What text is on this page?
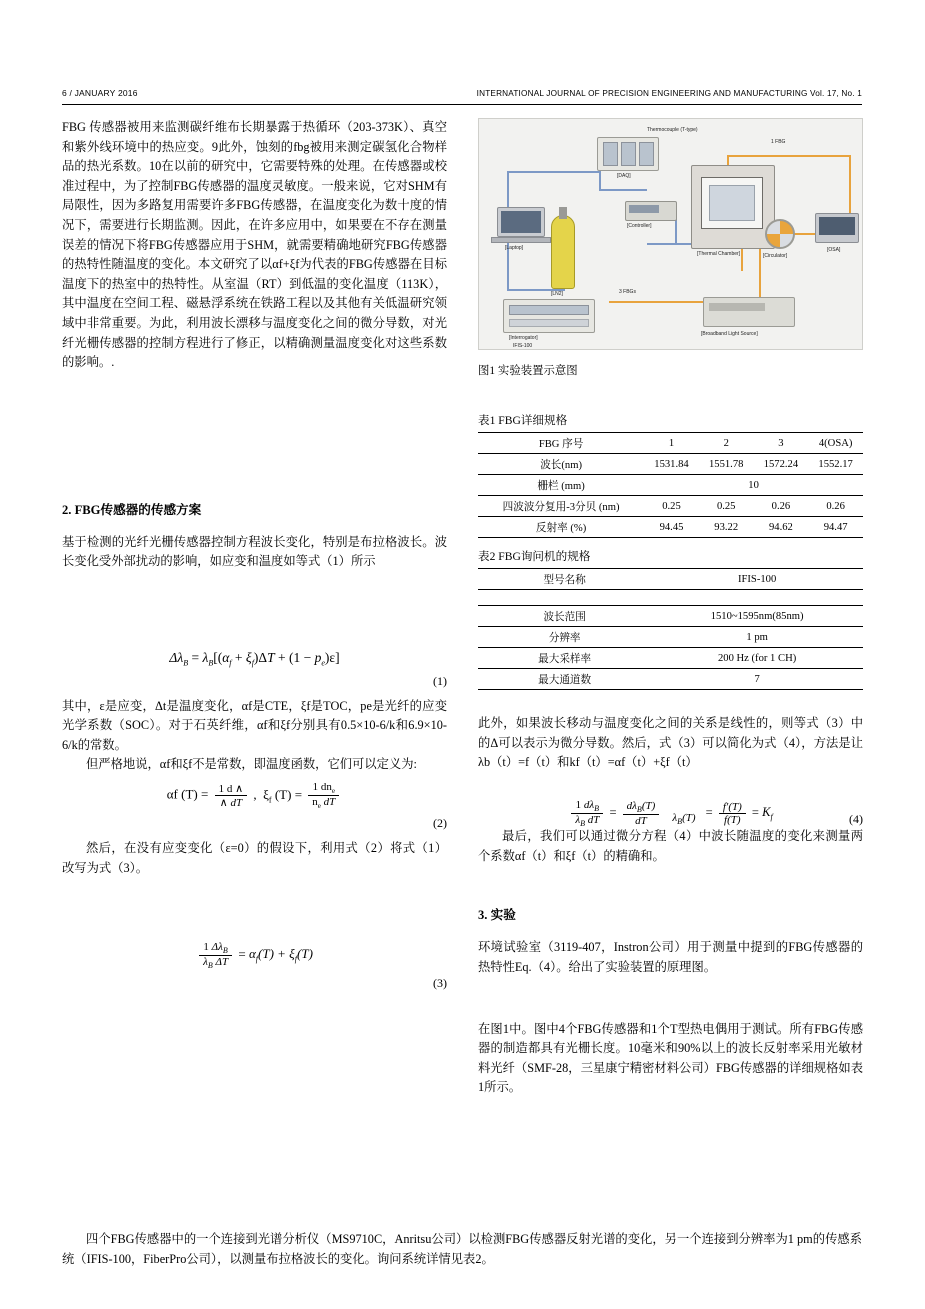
6 / JANUARY 2016	INTERNATIONAL JOURNAL OF PRECISION ENGINEERING AND MANUFACTURING Vol. 17, No. 1

FBG 传感器被用来监测碳纤维布长期暴露于热循环（203-373K）、真空和紫外线环境中的热应变。9此外，蚀刻的fbg被用来测定碳氢化合物样品的热光系数。10在以前的研究中，它需要特殊的处理。在传感器或校准过程中，为了控制FBG传感器的温度灵敏度。一般来说，它对SHM有局限性，因为多路复用需要许多FBG传感器，在温度变化为数十度的情况下，需要进行长期监测。因此，在许多应用中，如果要在不存在测量误差的情况下将FBG传感器应用于SHM，就需要精确地研究FBG传感器的热特性随温度的变化。本文研究了以αf+ξf为代表的FBG传感器在目标温度下的热室中的热特性。从室温（RT）到低温的变化温度（113K），其中温度在空间工程、磁悬浮系统在铁路工程以及其他有关低温研究领域中非常重要。为此，利用波长漂移与温度变化之间的微分导数，对光纤光栅传感器的控制方程进行了修正，以精确测量温度变化对这些系数的影响。.

2. FBG传感器的传感方案

基于检测的光纤光栅传感器控制方程波长变化，特别是布拉格波长。波长变化受外部扰动的影响，如应变和温度如等式（1）所示

$\Delta\lambda_B = \lambda_B[(\alpha_f + \xi_f)\Delta T + (1 - p_e)\varepsilon]$
(1)

其中，ε是应变，Δt是温度变化，αf是CTE，ξf是TOC，pe是光纤的应变光学系数（SOC）。对于石英纤维，αf和ξf分别具有0.5×10-6/k和6.9×10-6/k的常数。

但严格地说，αf和ξf不是常数，即温度函数，它们可以定义为:

αf $(T) = \frac{1 d \wedge}{\wedge dT}$ ,  $\xi_f$ $(T) = \frac{1 dn_e}{n_e dT}$
(2)

然后，在没有应变变化（ε=0）的假设下，利用式（2）将式（1）改写为式（3）。

$\frac{1 \Delta\lambda_B}{\lambda_B \Delta T} = \alpha_f(T) + \xi_f(T)$
(3)
[DAQ]
Thermocouple (T-type)
1 FBG
[Controller]
[Thermal Chamber]
[LN2]
[Laptop]
[Circulator]
[OSA]
[Interrogator]
IFIS-100
3 FBGs
[Broadband Light Source]
图1 实验装置示意图
表1 FBG详细规格
FBG 序号	1	2	3	4(OSA)
波长(nm)	1531.84	1551.78	1572.24	1552.17
栅栏 (mm)	10			
四波波分复用-3分贝 (nm)	0.25	0.25	0.26	0.26
反射率 (%)	94.45	93.22	94.62	94.47
表2 FBG询问机的规格
型号名称	IFIS-100

波长范围	1510~1595nm(85nm)
分辨率	1 pm
最大采样率	200 Hz (for 1 CH)
最大通道数	7

此外，如果波长移动与温度变化之间的关系是线性的，则等式（3）中的Δ可以表示为微分导数。然后，式（3）可以简化为式（4），方法是让λb（t）=f（t）和kf（t）=αf（t）+ξf（t）

$\frac{1 d\lambda_B}{\lambda_B dT} = \frac{d\lambda_B(T)}{dT}$

	$\lambda_B(T) = \frac{f'(T)}{f(T)} = K_f$	(4)

最后，我们可以通过微分方程（4）中波长随温度的变化来测量两个系数αf（t）和ξf（t）的精确和。

3. 实验

环境试验室（3119-407，Instron公司）用于测量中提到的FBG传感器的热特性Eq.（4）。给出了实验装置的原理图。

在图1中。图中4个FBG传感器和1个T型热电偶用于测试。所有FBG传感器的制造都具有光栅长度。10毫米和90%以上的波长反射率采用光敏材料光纤（SMF-28，三星康宁精密材料公司）FBG传感器的详细规格如表1所示。

四个FBG传感器中的一个连接到光谱分析仪（MS9710C，Anritsu公司）以检测FBG传感器反射光谱的变化，另一个连接到分辨率为1 pm的传感系统（IFIS-100，FiberPro公司），以测量布拉格波长的变化。询问系统详情见表2。
